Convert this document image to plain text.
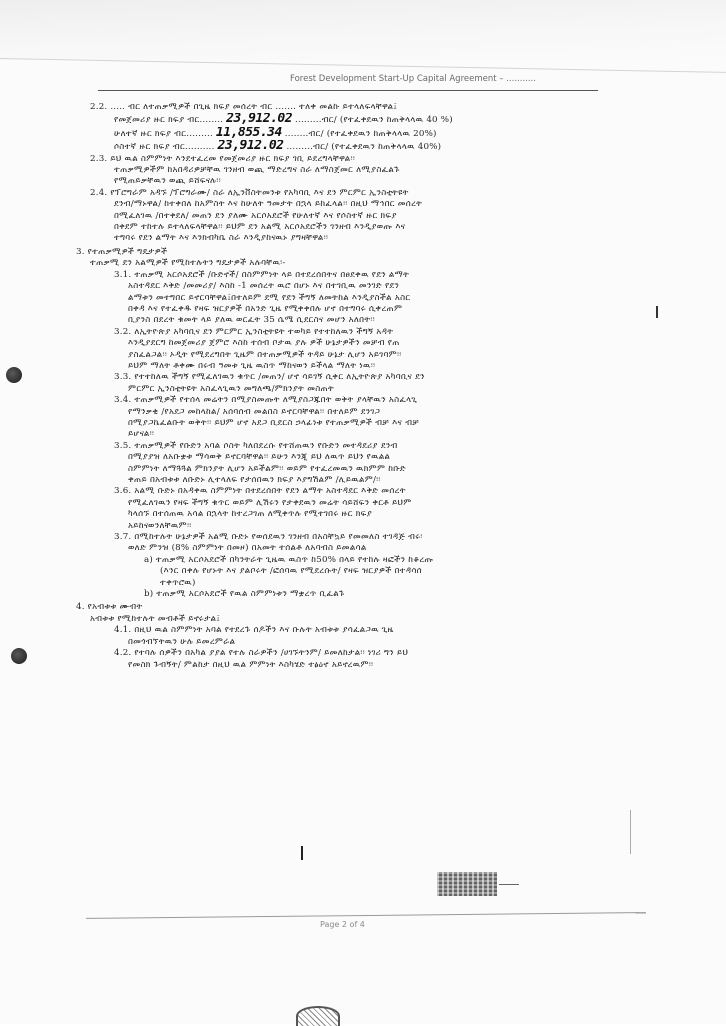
Forest Development Start-Up Capital Agreement – ...........
2.2. ..... ብር ለተጠቃሚዎች በጊዜ ክፍያ መሰረት ብር ....... ተለቀ መልኩ ይተላለፍላቸዋል፤
የመጀመሪያ ዙር ክፍያ ብር........ 23,912.02 .........ብር/ (የተፈቀደዉን ከጠቅላላዉ 40 %)
ሁለተኛ ዙር ክፍያ ብር......... 11,855.34 ........ብር/ (የተፈቀደዉን ከጠቅላላዉ 20%)
ሶስተኛ ዙር ክፍያ ብር.......... 23,912.02 .........ብር/ (የተፈቀደዉን ከጠቅላላዉ 40%)
2.3. ይህ ዉል ስምምነት እንደተፈረመ የመጀመሪያ ዙር ክፍያ ገቢ ይደረግላቸዋል፡፡
ተጠቃሚዎችም ከአበዳሪዎቻቸዉ ገንዘብ ወጪ ማድረግና ስራ ለማስጀመር ለሚያስፈልጉ
የሚጠይቃቸዉን ወጪ ይሸፍናሉ፡፡
2.4. የፕሮግራም አዳኙ /ፕሮግራሙ/ ስራ ለኢንቨስትመንቱ የአካባቢ እና ደን ምርምር ኢንስቲትዩት
ደንብ/ማኑዋል/ ከተቀበለ ከአምስት እና ከሁለት ዓመታት በኋላ ይከፈላል፡፡ በዚህ ማኅበር መሰረት
በሚፈለገዉ /በተቀደለ/ መጠን ደን ያለሙ አርሶአደሮች የሁለተኛ እና የሶስተኛ ዙር ክፍያ
በቀደም ተከተሉ ይተላለፍላቸዋል፡፡ ይህም ደን አልሚ አርሶአደሮችን ገንዘብ እንዲያወጡ እና
ተግባሩ የደን ልማት እና እንክብካቤ ስራ እንዲያከናዉኑ ያግዛቸዋል፡፡
3. የተጠቃሚዎች ግዴታዎች
ተጠቃሚ ደን አልሚዎች የሚከተሉትን ግዴታዎች አሉባቸዉ፡-
3.1. ተጠቃሚ አርሶአደሮች /ቡድኖች/ በስምምነት ላይ በተደረሰበትና በፀደቀዉ የደን ልማት
አስተዳደር እቅድ /መመሪያ/ እስከ -1 መሰረት ዉሮ በሆኑ እና በተገቢዉ መንገድ የደን
ልማቱን መተግበር ይኖርባቸዋል፤በተለይም ደሚ የደን ችግኝ ለመትከል እንዲያስችል አስር
በቀዳ እና የተፈቀዱ የዛፍ ዝርያዎች በአንድ ጊዜ የሚቀቀበሉ ሆኖ በተግባሩ ሲቀረጠም
ቢያንስ በደረት ቁመት ላይ ያለዉ ወርፈት 35 ሴሜ ሲደርስና መሆን አለበት፡፡
3.2. ለኢትዮጵያ አካባቢና ደን ምርምር ኢንስቲትዩት ተወካይ የተተከለዉን ችግኝ አዳት
እንዲያደርግ ከመጀመሪያ ጀምሮ እስከ ተሰብ ቦታዉ ያሉ ዎች ሁኔታዎችን መቻብ የጠ
ያስፈልጋል፡፡ ኦዲት የሚደረግበት ጊዜም በተጠቃሚዎች ትዳይ ሁኔታ ሊሆን አይገባም፡፡
ይህም ማለት ቶቀሙ በሩብ ዓመቱ ጊዜ ዉስጥ ማከናወን ይችላል ማለት ነዉ፡፡
3.3. የተተከለዉ ችግኝ የሚፈለገዉን ቁጥር /መጠን/ ሆኖ ሳይገኝ ሲቀር ለኢትዮጵያ አካባቢና ደን
ምርምር ኢንስቲትዩት አስፈላጊዉን መግለጫ/ምክንያት መስጠት
3.4. ተጠቃሚዎች የተሰላ መሬትን በሚያስመጡት ለሚያስጋጁበት ወቅት ያላቸዉን አስፈላጊ
የማንቃቂ /የአደጋ መከላከል/ አሰባሰብ መልበስ ይኖርባቸዋል፡፡ በተለይም ደንገጋ
በሚያጋኬፈልቡት ወቅት፡፡ ይህም ሆኖ አደጋ ቢደርስ ኃላፊነቱ የተጠቃሚዎች ብቻ እና ብቻ
ይሆናል፡፡
3.5. ተጠቃሚዎች የቡድን አባል ሶስት ካለበደረሱ የተሸጠዉን የቡድን መተዳደሪያ ደንብ
በሚያያዝ ለአቡቋቱ ማሳወቅ ይኖርባቸዋል፡፡ ይሁን እንጂ ይህ ለዉጥ ይህን የዉልል
ስምምነት ለማጓጓል ምክንያት ሊሆን አይችልም፡፡ ወይም የተፈረመዉን ዉክምም ከቡድ
ቀጠይ በአብቱቱ ለቡድኑ ሊተላለፍ የታሰበዉን ክፍያ እያግሽልም /ሊይዉልም/፡፡
3.6. አልሚ ቡድኑ በአዳቀዉ ስምምነት በተደረሰበት የደን ልማት አስተዳደር እቅድ መሰረት
የሚፈለገዉን የዛፍ ችግኝ ቁጥር ወይም ሊሽሩን የታቀደዉን መሬት ሳይሸፍን ቀርቶ ይህም
ካላሰኙ በተሰጠዉ አሳል በኋላት ከተረጋገጠ ለሚቀጥሉ የሚተገበሩ ዙር ክፍያ
አይከናወንለቸዉም፡፡
3.7. በሚከተሉት ሁኔታዎች አልሚ ቡድኑ የወሰደዉን ገንዘብ በአስቸኳይ የመመለስ ተገዳጅ ብሩ፡
ወለድ ምንዝ (8% ስምምነት በመዞ) በአመት ተሰልቶ ለአባብስ ይመልሳል
a) ተጠቃሚ አርሶአደሮች በካንትራት ጊዜዉ ዉስጥ ከ50% በላይ የተከሉ ዛፎችን ከቆረጡ
(እንር በቀሉ የሆኑት እና ያልቦሩት /ፎሰባዉ የሚደረሱት/ የዛፍ ዝርያዎች በተዳሳሰ
ተቀጥሮዉ)
b) ተጠቃሚ አርሶአደሮች የዉል ስምምነቱን ማቋረጥ ቢፈልጉ
4. የአብቱቱ ሙብት
አብቱቱ የሚከተሉት መብቶች ይኖሩታል፤
4.1. በዚህ ዉል ስምምነት አባል የተደረጉ ሰዶችን እና ቡሉት አብቱቱ ያሳፈልጋዉ ጊዜ
በመጎብኘትዉን ሁሉ ይመረምራል
4.2. የተባሉ ሰዎችን በአካል ያያል የተሉ ስራዎችን /ሀገኙትንም/ ይመለከታል፡፡ ነገሪ ግን ይህ
የመስክ ጉብኝት/ ምልከታ በዚህ ዉል ምምነት እስካሄድ ተፅዕኖ አይኖረዉም፡፡
Page 2 of 4
